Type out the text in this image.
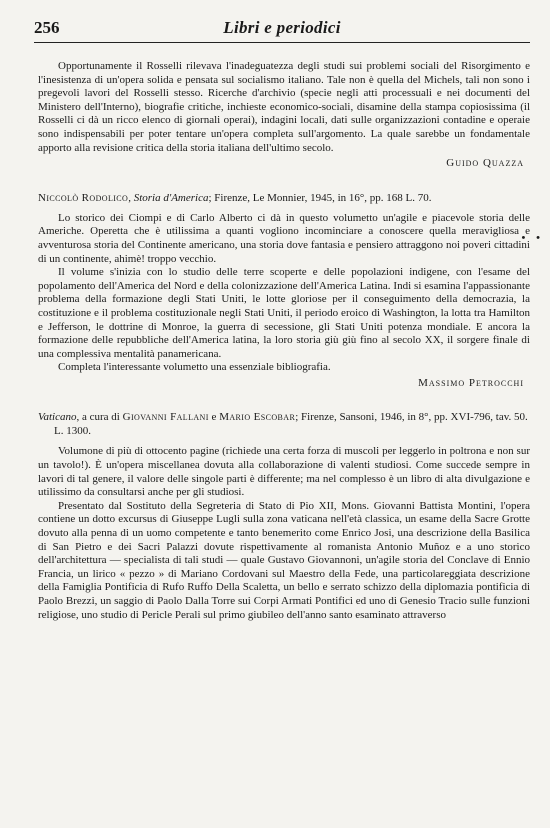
256	Libri e periodici

Opportunamente il Rosselli rilevava l'inadeguatezza degli studi sui problemi sociali del Risorgimento e l'inesistenza di un'opera solida e pensata sul socialismo italiano. Tale non è quella del Michels, tali non sono i pregevoli lavori del Rosselli stesso. Ricerche d'archivio (specie negli atti processuali e nei documenti del Ministero dell'Interno), biografie critiche, inchieste economico-sociali, disamine della stampa copiosissima (il Rosselli ci dà un ricco elenco di giornali operai), indagini locali, dati sulle organizzazioni contadine e operaie sono indispensabili per poter tentare un'opera completa sull'argomento. La quale sarebbe un fondamentale apporto alla revisione critica della storia italiana dell'ultimo secolo.

Guido Quazza

Niccolò Rodolico, Storia d'America; Firenze, Le Monnier, 1945, in 16°, pp. 168 L. 70.

Lo storico dei Ciompi e di Carlo Alberto ci dà in questo volumetto un'agile e piacevole storia delle Americhe. Operetta che è utilissima a quanti vogliono incominciare a conoscere quella meravigliosa e avventurosa storia del Continente americano, una storia dove fantasia e pensiero attraggono noi poveri cittadini di un continente, ahimè! troppo vecchio.

Il volume s'inizia con lo studio delle terre scoperte e delle popolazioni indigene, con l'esame del popolamento dell'America del Nord e della colonizzazione dell'America Latina. Indi si esamina l'appassionante problema della formazione degli Stati Uniti, le lotte gloriose per il conseguimento della democrazia, la costituzione e il problema costituzionale negli Stati Uniti, il periodo eroico di Washington, la lotta tra Hamilton e Jefferson, le dottrine di Monroe, la guerra di secessione, gli Stati Uniti potenza mondiale. E ancora la formazione delle repubbliche dell'America latina, la loro storia giù giù fino al secolo XX, il sorgere finale di una complessiva mentalità panamericana.

Completa l'interessante volumetto una essenziale bibliografia.

Massimo Petrocchi

Vaticano, a cura di Giovanni Fallani e Mario Escobar; Firenze, Sansoni, 1946, in 8°, pp. XVI-796, tav. 50. L. 1300.

Volumone di più di ottocento pagine (richiede una certa forza di muscoli per leggerlo in poltrona e non sur un tavolo!). È un'opera miscellanea dovuta alla collaborazione di valenti studiosi. Come succede sempre in lavori di tal genere, il valore delle singole parti è differente; ma nel complesso è un libro di alta divulgazione e utilissimo da consultarsi anche per gli studiosi.

Presentato dal Sostituto della Segreteria di Stato di Pio XII, Mons. Giovanni Battista Montini, l'opera contiene un dotto excursus di Giuseppe Lugli sulla zona vaticana nell'età classica, un esame della Sacre Grotte dovuto alla penna di un uomo competente e tanto benemerito come Enrico Josi, una descrizione della Basilica di San Pietro e dei Sacri Palazzi dovute rispettivamente al romanista Antonio Muñoz e a uno storico dell'architettura — specialista di tali studi — quale Gustavo Giovannoni, un'agile storia del Conclave di Ennio Francia, un lirico « pezzo » di Mariano Cordovani sul Maestro della Fede, una particolareggiata descrizione della Famiglia Pontificia di Rufo Ruffo Della Scaletta, un bello e serrato schizzo della diplomazia pontificia di Paolo Brezzi, un saggio di Paolo Dalla Torre sui Corpi Armati Pontifici ed uno di Genesio Tracio sulle funzioni religiose, uno studio di Pericle Perali sul primo giubileo dell'anno santo esaminato attraverso

• •
